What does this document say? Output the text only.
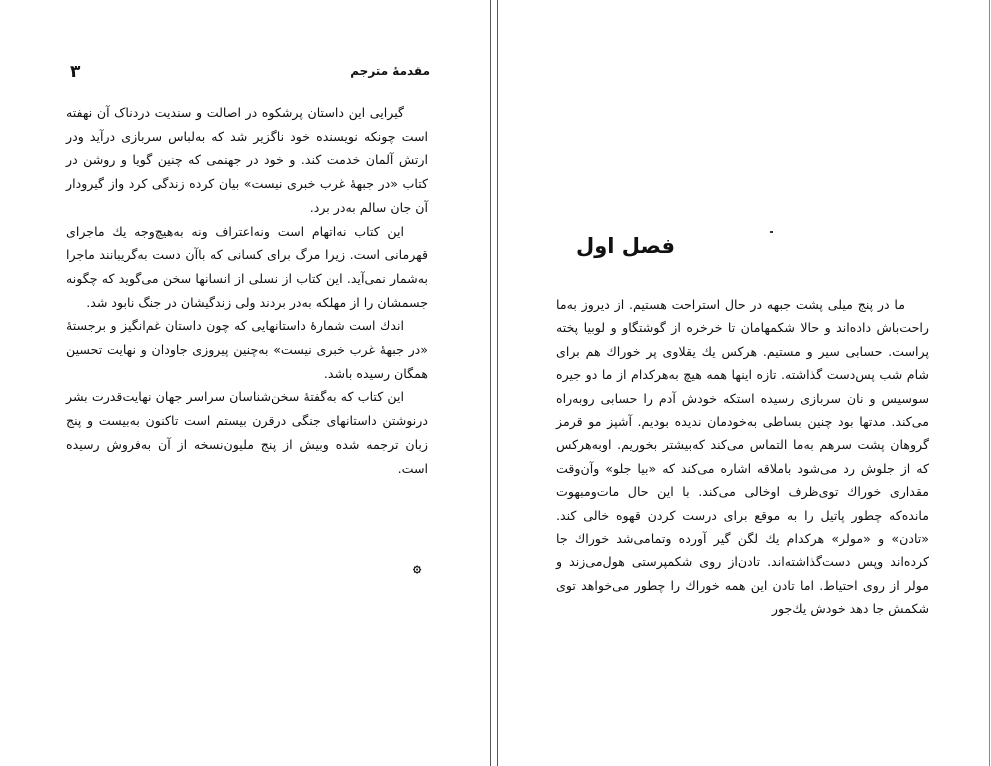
۳	مقدمهٔ مترجم

گیرایی این داستان پرشکوه در اصالت و سندیت دردناک آن نهفته است چونکه نویسنده خود ناگزیر شد که به‌لباس سربازی درآید ودر ارتش آلمان خدمت کند. و خود در جهنمی که چنین گویا و روشن در کتاب «در جبههٔ غرب خبری نیست» بیان کرده زندگی کرد واز گیرودار آن جان سالم به‌در برد.

این کتاب نه‌اتهام است ونه‌اعتراف ونه به‌هیچ‌وجه یك ماجرای قهرمانی است. زیرا مرگ برای کسانی که باآن دست به‌گریبانند ماجرا به‌شمار نمی‌آید. این کتاب از نسلی از انسانها سخن می‌گوید که چگونه جسمشان را از مهلکه به‌در بردند ولی زندگیشان در جنگ نابود شد.

اندك است شمارهٔ داستانهایی که چون داستان غم‌انگیز و برجستهٔ «در جبههٔ غرب خبری نیست» به‌چنین پیروزی جاودان و نهایت تحسین همگان رسیده باشد.

این کتاب که به‌گفتهٔ سخن‌شناسان سراسر جهان نهایت‌قدرت بشر درنوشتن داستانهای جنگی درقرن بیستم است تاکنون به‌بیست و پنج زبان ترجمه شده وبیش از پنج ملیون‌نسخه از آن به‌فروش رسیده است.

۞
فصل اول

ما در پنج میلی پشت جبهه در حال استراحت هستیم. از دیروز به‌ما راحت‌باش داده‌اند و حالا شکمهامان تا خرخره از گوشتگاو و لوبیا پخته پراست. حسابی سیر و مستیم. هرکس یك یقلاوی پر خوراك هم برای شام شب پس‌دست گذاشته. تازه اینها همه هیچ به‌هرکدام از ما دو جیره سوسیس و نان سربازی رسیده استکه خودش آدم را حسابی روبه‌راه می‌کند. مدتها بود چنین بساطی به‌خودمان ندیده بودیم. آشپز مو قرمز گروهان پشت سرهم به‌ما التماس می‌کند که‌بیشتر بخوریم. اوبه‌هرکس که از جلوش رد می‌شود باملاقه اشاره می‌کند که «بیا جلو» وآن‌وقت مقداری خوراك توی‌ظرف اوخالی می‌کند. با این حال مات‌ومبهوت مانده‌که چطور پاتیل را به موقع برای درست کردن قهوه خالی کند. «تادن» و «مولر» هرکدام یك لگن گیر آورده وتمامی‌شد خوراك جا کرده‌اند وپس دست‌گذاشته‌اند. تادن‌از روی شکمپرستی هول‌می‌زند و مولر از روی احتیاط. اما تادن این همه خوراك را چطور می‌خواهد توی شکمش جا دهد خودش یك‌جور
